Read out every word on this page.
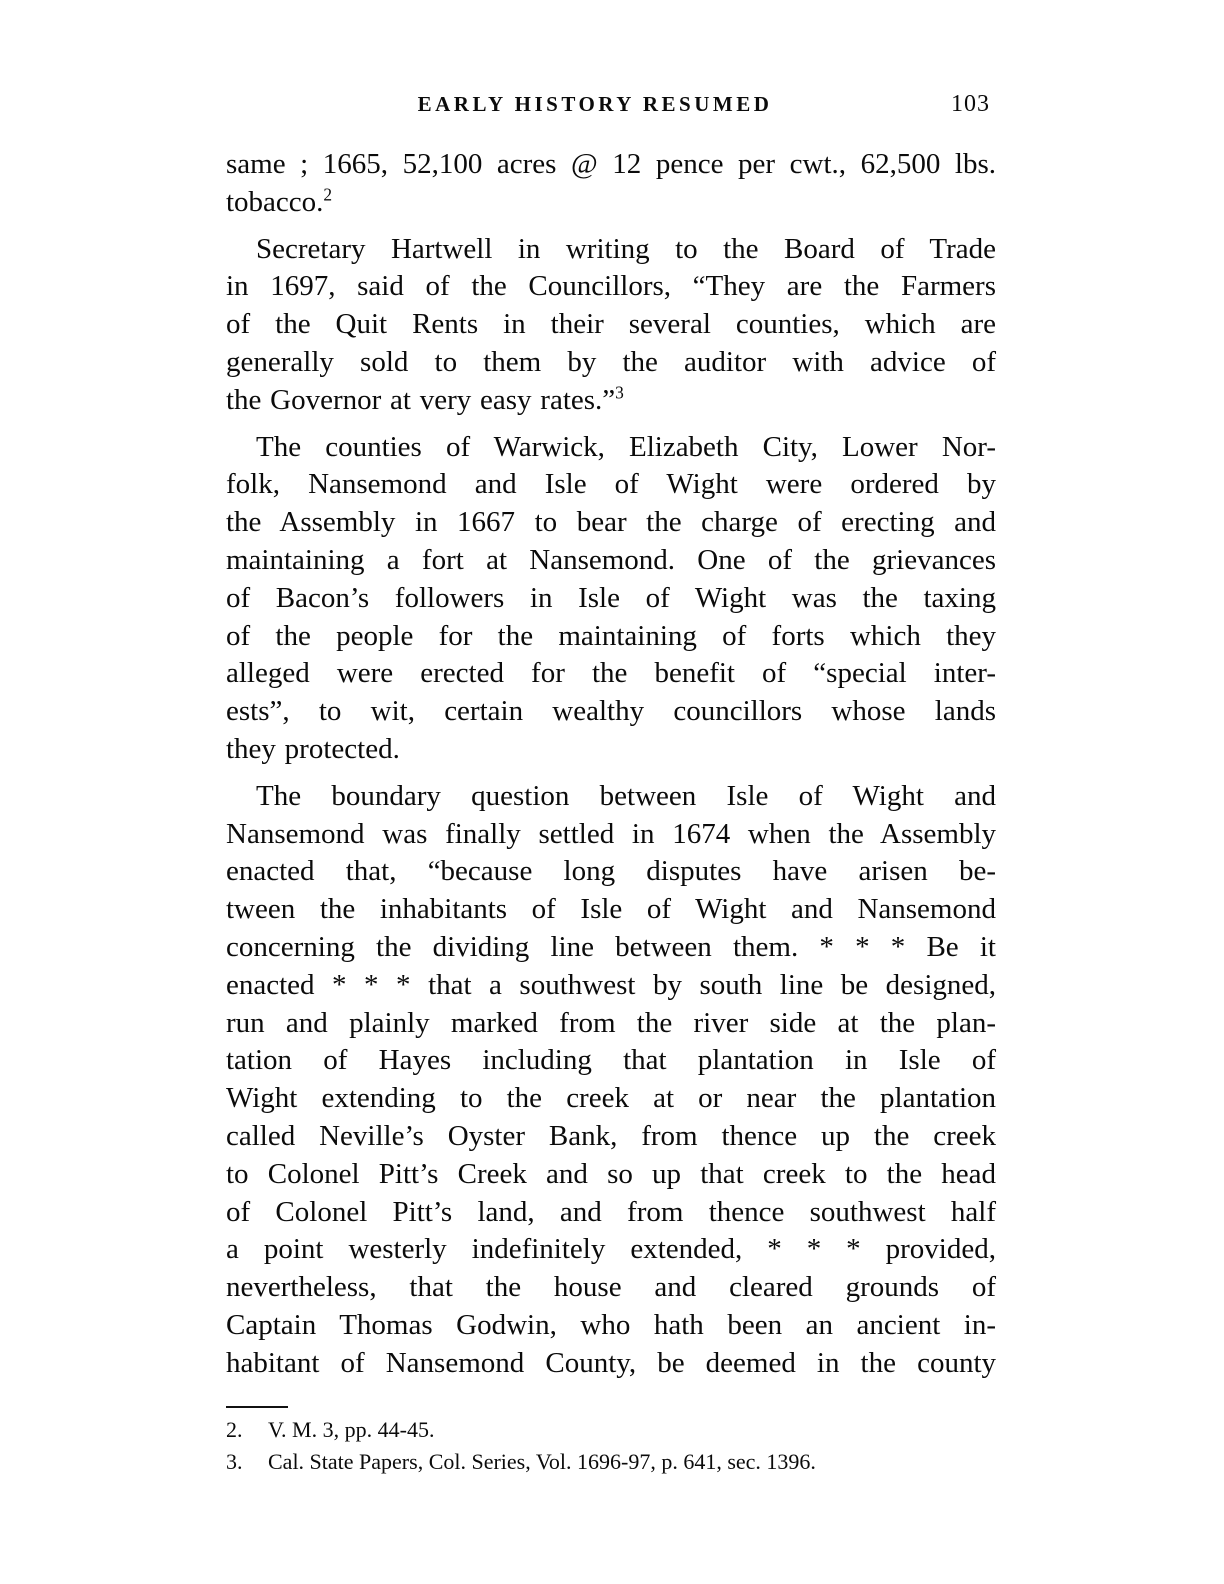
EARLY HISTORY RESUMED	103
same ; 1665, 52,100 acres @ 12 pence per cwt., 62,500 lbs.
tobacco.$^2$
Secretary Hartwell in writing to the Board of Trade
in 1697, said of the Councillors, “They are the Farmers
of the Quit Rents in their several counties, which are
generally sold to them by the auditor with advice of
the Governor at very easy rates.”$^3$
The counties of Warwick, Elizabeth City, Lower Nor-
folk, Nansemond and Isle of Wight were ordered by
the Assembly in 1667 to bear the charge of erecting and
maintaining a fort at Nansemond. One of the grievances
of Bacon’s followers in Isle of Wight was the taxing
of the people for the maintaining of forts which they
alleged were erected for the benefit of “special inter-
ests”, to wit, certain wealthy councillors whose lands
they protected.
The boundary question between Isle of Wight and
Nansemond was finally settled in 1674 when the Assembly
enacted that, “because long disputes have arisen be-
tween the inhabitants of Isle of Wight and Nansemond
concerning the dividing line between them. * * * Be it
enacted * * * that a southwest by south line be designed,
run and plainly marked from the river side at the plan-
tation of Hayes including that plantation in Isle of
Wight extending to the creek at or near the plantation
called Neville’s Oyster Bank, from thence up the creek
to Colonel Pitt’s Creek and so up that creek to the head
of Colonel Pitt’s land, and from thence southwest half
a point westerly indefinitely extended, * * * provided,
nevertheless, that the house and cleared grounds of
Captain Thomas Godwin, who hath been an ancient in-
habitant of Nansemond County, be deemed in the county
2.	V. M. 3, pp. 44-45.
3.	Cal. State Papers, Col. Series, Vol. 1696-97, p. 641, sec. 1396.
